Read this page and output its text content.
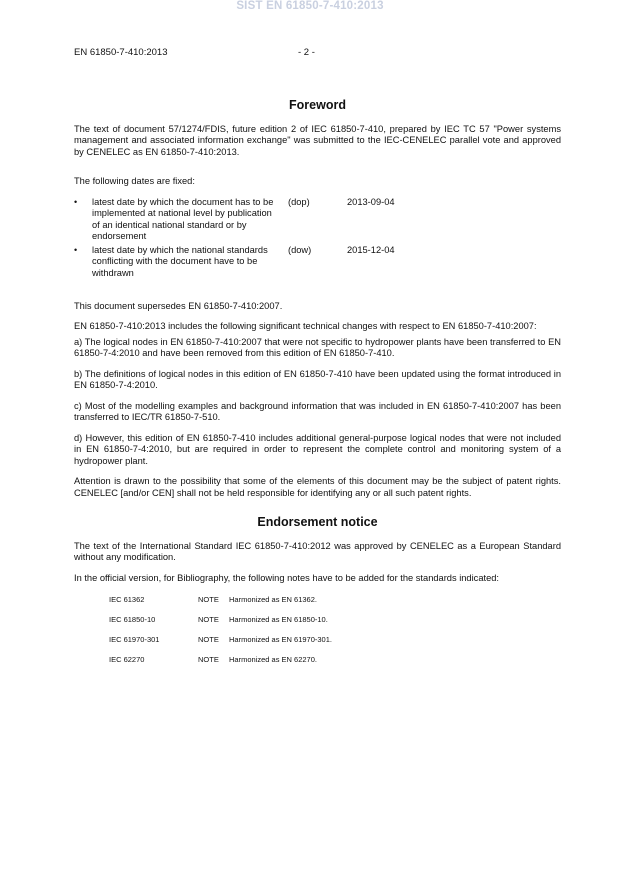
SIST EN 61850-7-410:2013
EN 61850-7-410:2013	- 2 -
Foreword

The text of document 57/1274/FDIS, future edition 2 of IEC 61850-7-410, prepared by IEC TC 57 "Power systems management and associated information exchange" was submitted to the IEC-CENELEC parallel vote and approved by CENELEC as EN 61850-7-410:2013.

The following dates are fixed:

• latest date by which the document has to be implemented at national level by publication of an identical national standard or by endorsement
(dop)	2013-09-04
• latest date by which the national standards conflicting with the document have to be withdrawn
(dow)	2015-12-04

This document supersedes EN 61850-7-410:2007.

EN 61850-7-410:2013 includes the following significant technical changes with respect to EN 61850-7-410:2007:

a) The logical nodes in EN 61850-7-410:2007 that were not specific to hydropower plants have been transferred to EN 61850-7-4:2010 and have been removed from this edition of EN 61850-7-410.

b) The definitions of logical nodes in this edition of EN 61850-7-410 have been updated using the format introduced in EN 61850-7-4:2010.

c) Most of the modelling examples and background information that was included in EN 61850-7-410:2007 has been transferred to IEC/TR 61850-7-510.

d) However, this edition of EN 61850-7-410 includes additional general-purpose logical nodes that were not included in EN 61850-7-4:2010, but are required in order to represent the complete control and monitoring system of a hydropower plant.

Attention is drawn to the possibility that some of the elements of this document may be the subject of patent rights. CENELEC [and/or CEN] shall not be held responsible for identifying any or all such patent rights.

Endorsement notice

The text of the International Standard IEC 61850-7-410:2012 was approved by CENELEC as a European Standard without any modification.

In the official version, for Bibliography, the following notes have to be added for the standards indicated:

IEC 61362	NOTE Harmonized as EN 61362.
IEC 61850-10	NOTE Harmonized as EN 61850-10.
IEC 61970-301	NOTE Harmonized as EN 61970-301.
IEC 62270	NOTE Harmonized as EN 62270.
